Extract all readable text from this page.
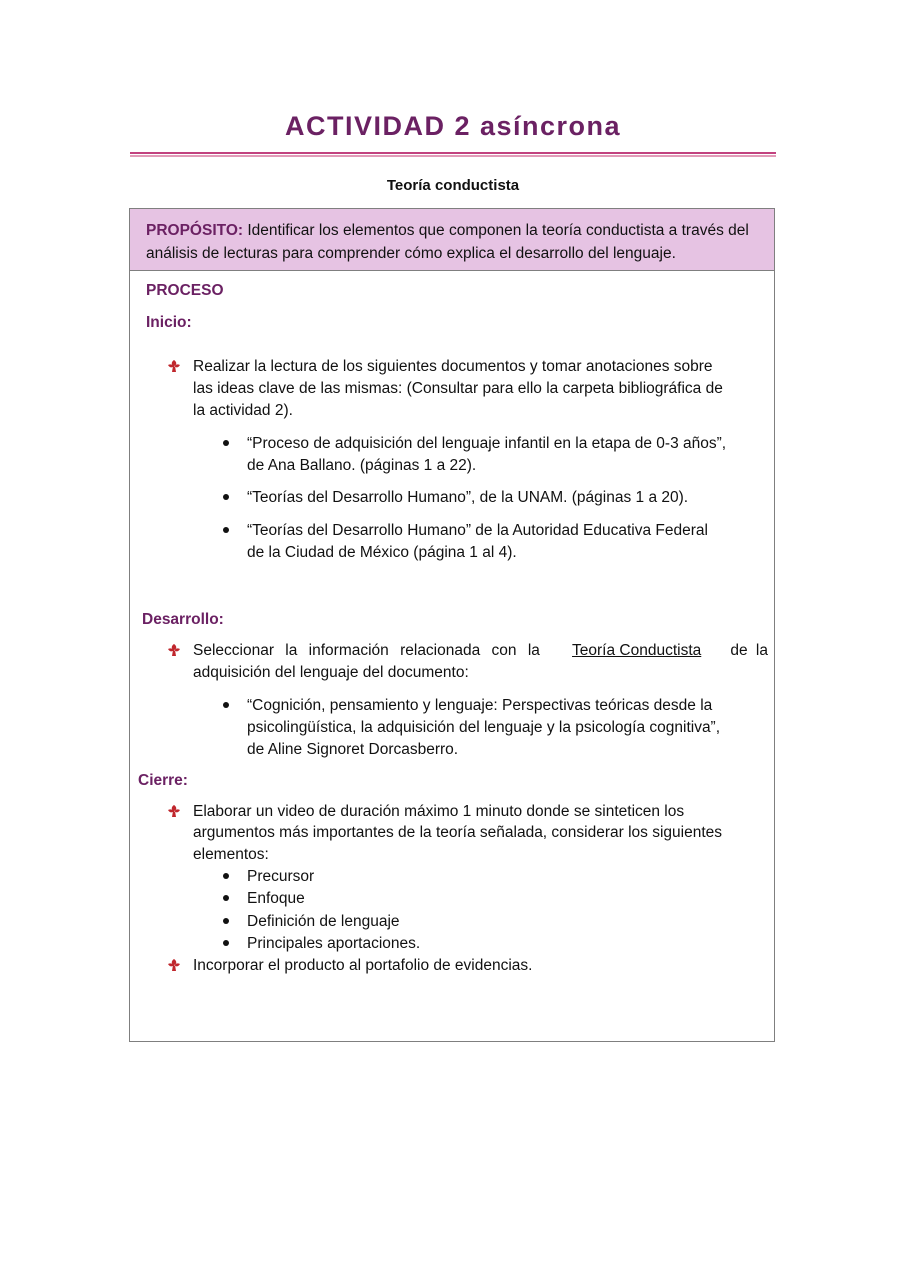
ACTIVIDAD 2 asíncrona
Teoría conductista
PROPÓSITO: Identificar los elementos que componen la teoría conductista a través del análisis de lecturas para comprender cómo explica el desarrollo del lenguaje.
PROCESO
Inicio:
Realizar la lectura de los siguientes documentos y tomar anotaciones sobre
las ideas clave de las mismas: (Consultar para ello la carpeta bibliográfica de
la actividad 2).
“Proceso de adquisición del lenguaje infantil en la etapa de 0-3 años”,
de Ana Ballano. (páginas 1 a 22).
“Teorías del Desarrollo Humano”, de la UNAM. (páginas 1 a 20).
“Teorías del Desarrollo Humano” de la Autoridad Educativa Federal
de la Ciudad de México (página 1 al 4).
Desarrollo:
Seleccionar la información relacionada con la Teoría Conductista de la
adquisición del lenguaje del documento:
“Cognición, pensamiento y lenguaje: Perspectivas teóricas desde la
psicolingüística, la adquisición del lenguaje y la psicología cognitiva”,
de Aline Signoret Dorcasberro.
Cierre:
Elaborar un video de duración máximo 1 minuto donde se sinteticen los
argumentos más importantes de la teoría señalada, considerar los siguientes
elementos:
Precursor
Enfoque
Definición de lenguaje
Principales aportaciones.
Incorporar el producto al portafolio de evidencias.
